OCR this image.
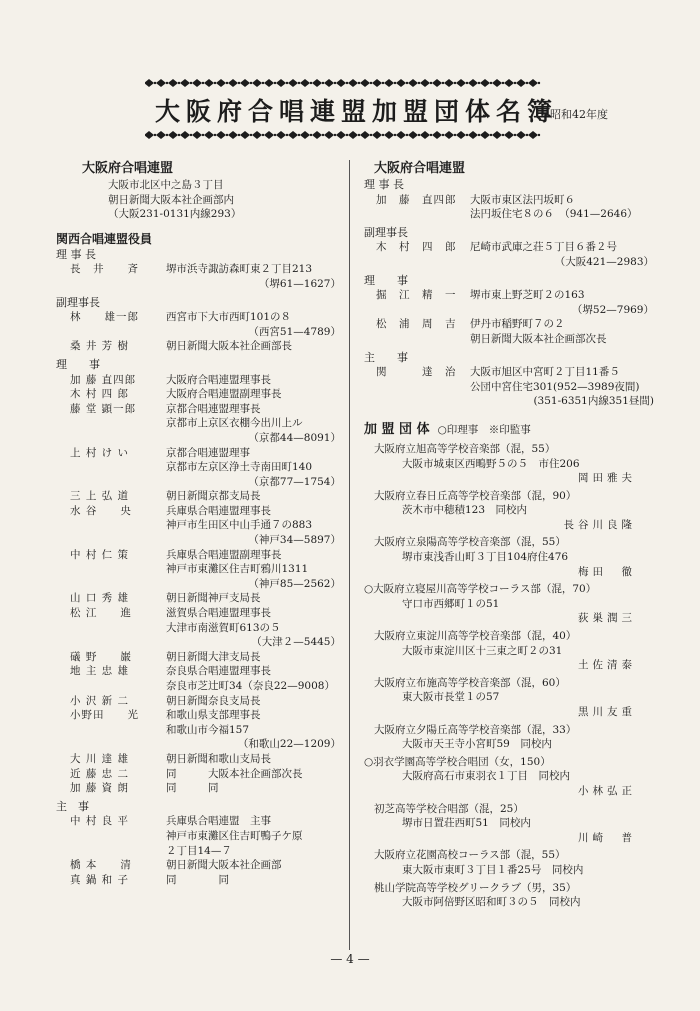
大阪府合唱連盟加盟団体名簿
昭和42年度
大阪府合唱連盟
大阪市北区中之島３丁目
朝日新聞大阪本社企画部内
（大阪231-0131内線293）
関西合唱連盟役員
理 事 長
長　井　　斉	堺市浜寺諏訪森町東２丁目213
（堺61—1627）
副理事長
林　　雄一郎	西宮市下大市西町101の８
（西宮51—4789）
桑 井 芳 樹	朝日新聞大阪本社企画部長
理　　事
加 藤 直四郎	大阪府合唱連盟理事長
木 村 四 郎	大阪府合唱連盟副理事長
藤 堂 顕一郎	京都合唱連盟理事長
京都市上京区衣棚今出川上ル
（京都44—8091）
上 村 け い	京都合唱連盟理事
京都市左京区浄土寺南田町140
（京都77—1754）
三 上 弘 道	朝日新聞京都支局長
水 谷　　央	兵庫県合唱連盟理事長
神戸市生田区中山手通７の883
（神戸34—5897）
中 村 仁 策	兵庫県合唱連盟副理事長
神戸市東灘区住吉町鴉川1311
（神戸85—2562）
山 口 秀 雄	朝日新聞神戸支局長
松 江　　進	滋賀県合唱連盟理事長
大津市南滋賀町613の５
（大津２—5445）
礒 野　　巌	朝日新聞大津支局長
地 主 忠 雄	奈良県合唱連盟理事長
奈良市芝辻町34（奈良22—9008）
小 沢 新 二	朝日新聞奈良支局長
小野田　　光	和歌山県支部理事長
和歌山市今福157
（和歌山22—1209）
大 川 達 雄	朝日新聞和歌山支局長
近 藤 忠 二	同　　　大阪本社企画部次長
加 藤 資 朗	同　　　同
主　事
中 村 良 平	兵庫県合唱連盟　主事
神戸市東灘区住吉町鴨子ケ原
２丁目14—７
橋 本　　清	朝日新聞大阪本社企画部
真 鍋 和 子	同　　　　同
大阪府合唱連盟
理 事 長
加　藤　直四郎	大阪市東区法円坂町６
法円坂住宅８の６　（941—2646）
副理事長
木　村　四　郎	尼崎市武庫之荘５丁目６番２号
（大阪421—2983）
理　　事
掘　江　精　一	堺市東上野芝町２の163
（堺52—7969）
松　浦　周　吉	伊丹市稲野町７の２
朝日新聞大阪本社企画部次長
主　　事
関　　　達　治	大阪市旭区中宮町２丁目11番５
公団中宮住宅301(952—3989夜間)
(351-6351内線351昼間)
加 盟 団 体 ○印理事　※印監事
大阪府立旭高等学校音楽部（混，55）
大阪市城東区西鴫野５の５　市住206
岡田雅夫
大阪府立春日丘高等学校音楽部（混，90）
茨木市中穂積123　同校内
長谷川良隆
大阪府立泉陽高等学校音楽部（混，55）
堺市東浅香山町３丁目104府住476
梅田　徹
○大阪府立寝屋川高等学校コーラス部（混，70）
守口市西郷町１の51
荻巣潤三
大阪府立東淀川高等学校音楽部（混，40）
大阪市東淀川区十三東之町２の31
土佐清泰
大阪府立布施高等学校音楽部（混，60）
東大阪市長堂１の57
黒川友重
大阪府立夕陽丘高等学校音楽部（混，33）
大阪市天王寺小宮町59　同校内
○羽衣学園高等学校合唱団（女，150）
大阪府高石市東羽衣１丁目　同校内
小林弘正
初芝高等学校合唱部（混，25）
堺市日置荘西町51　同校内
川崎　普
大阪府立花園高校コーラス部（混，55）
東大阪市東町３丁目１番25号　同校内
桃山学院高等学校グリークラブ（男，35）
大阪市阿倍野区昭和町３の５　同校内
— 4 —
